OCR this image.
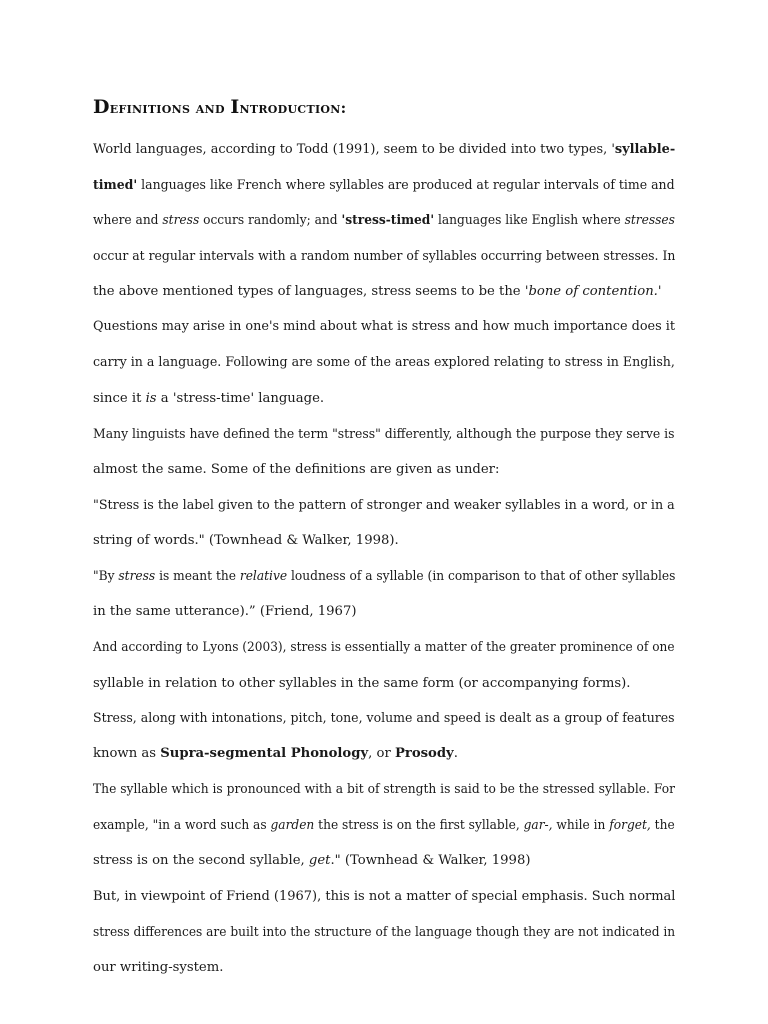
Definitions and Introduction:
World languages, according to Todd (1991), seem to be divided into two types, 'syllable-
timed' languages like French where syllables are produced at regular intervals of time and
where and stress occurs randomly; and 'stress-timed' languages like English where stresses
occur at regular intervals with a random number of syllables occurring between stresses. In
the above mentioned types of languages, stress seems to be the 'bone of contention.'
Questions may arise in one's mind about what is stress and how much importance does it
carry in a language. Following are some of the areas explored relating to stress in English,
since it is a 'stress-time' language.
Many linguists have defined the term "stress" differently, although the purpose they serve is
almost the same. Some of the definitions are given as under:
"Stress is the label given to the pattern of stronger and weaker syllables in a word, or in a
string of words." (Townhead & Walker, 1998).
"By stress is meant the relative loudness of a syllable (in comparison to that of other syllables
in the same utterance).” (Friend, 1967)
And according to Lyons (2003), stress is essentially a matter of the greater prominence of one
syllable in relation to other syllables in the same form (or accompanying forms).
Stress, along with intonations, pitch, tone, volume and speed is dealt as a group of features
known as Supra-segmental Phonology, or Prosody.
The syllable which is pronounced with a bit of strength is said to be the stressed syllable. For
example, "in a word such as garden the stress is on the first syllable, gar-, while in forget, the
stress is on the second syllable, get." (Townhead & Walker, 1998)
But, in viewpoint of Friend (1967), this is not a matter of special emphasis. Such normal
stress differences are built into the structure of the language though they are not indicated in
our writing-system.
